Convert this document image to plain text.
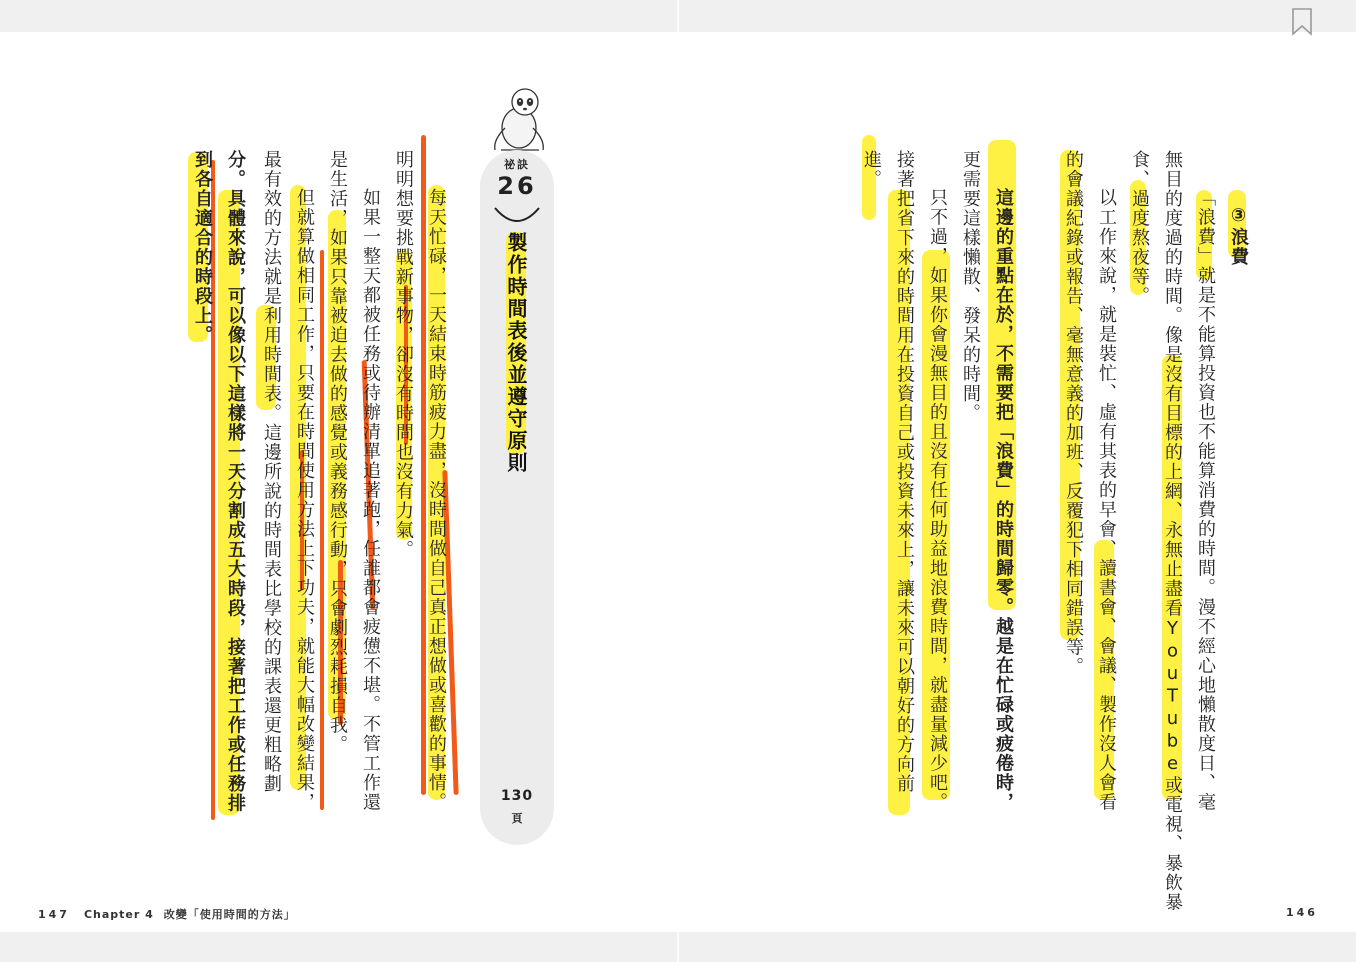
每天忙碌，一天結束時筋疲力盡，沒時間做自己真正想做或喜歡的事情。
明明想要挑戰新事物，卻沒有時間也沒有力氣。
如果一整天都被任務或待辦清單追著跑，任誰都會疲憊不堪。不管工作還
是生活，如果只靠被迫去做的感覺或義務感行動，只會劇烈耗損自我。
但就算做相同工作，只要在時間使用方法上下功夫，就能大幅改變結果，
最有效的方法就是利用時間表。這邊所說的時間表比學校的課表還更粗略劃
分。具體來說，可以像以下這樣將一天分割成五大時段，接著把工作或任務排
到各自適合的時段上。	祕訣
26
130
頁
製作時間表後並遵守原則
147 Chapter 4 改變「使用時間的方法」
③浪費
「浪費」就是不能算投資也不能算消費的時間。漫不經心地懶散度日、毫
無目的度過的時間。像是沒有目標的上網、永無止盡看YouTube或電視、暴飲暴
食、過度熬夜等。
以工作來說，就是裝忙、虛有其表的早會、讀書會、會議、製作沒人會看
的會議紀錄或報告、毫無意義的加班、反覆犯下相同錯誤等。
這邊的重點在於，不需要把「浪費」的時間歸零。越是在忙碌或疲倦時，
更需要這樣懶散、發呆的時間。
只不過，如果你會漫無目的且沒有任何助益地浪費時間，就盡量減少吧。
接著把省下來的時間用在投資自己或投資未來上，讓未來可以朝好的方向前
進。
146
